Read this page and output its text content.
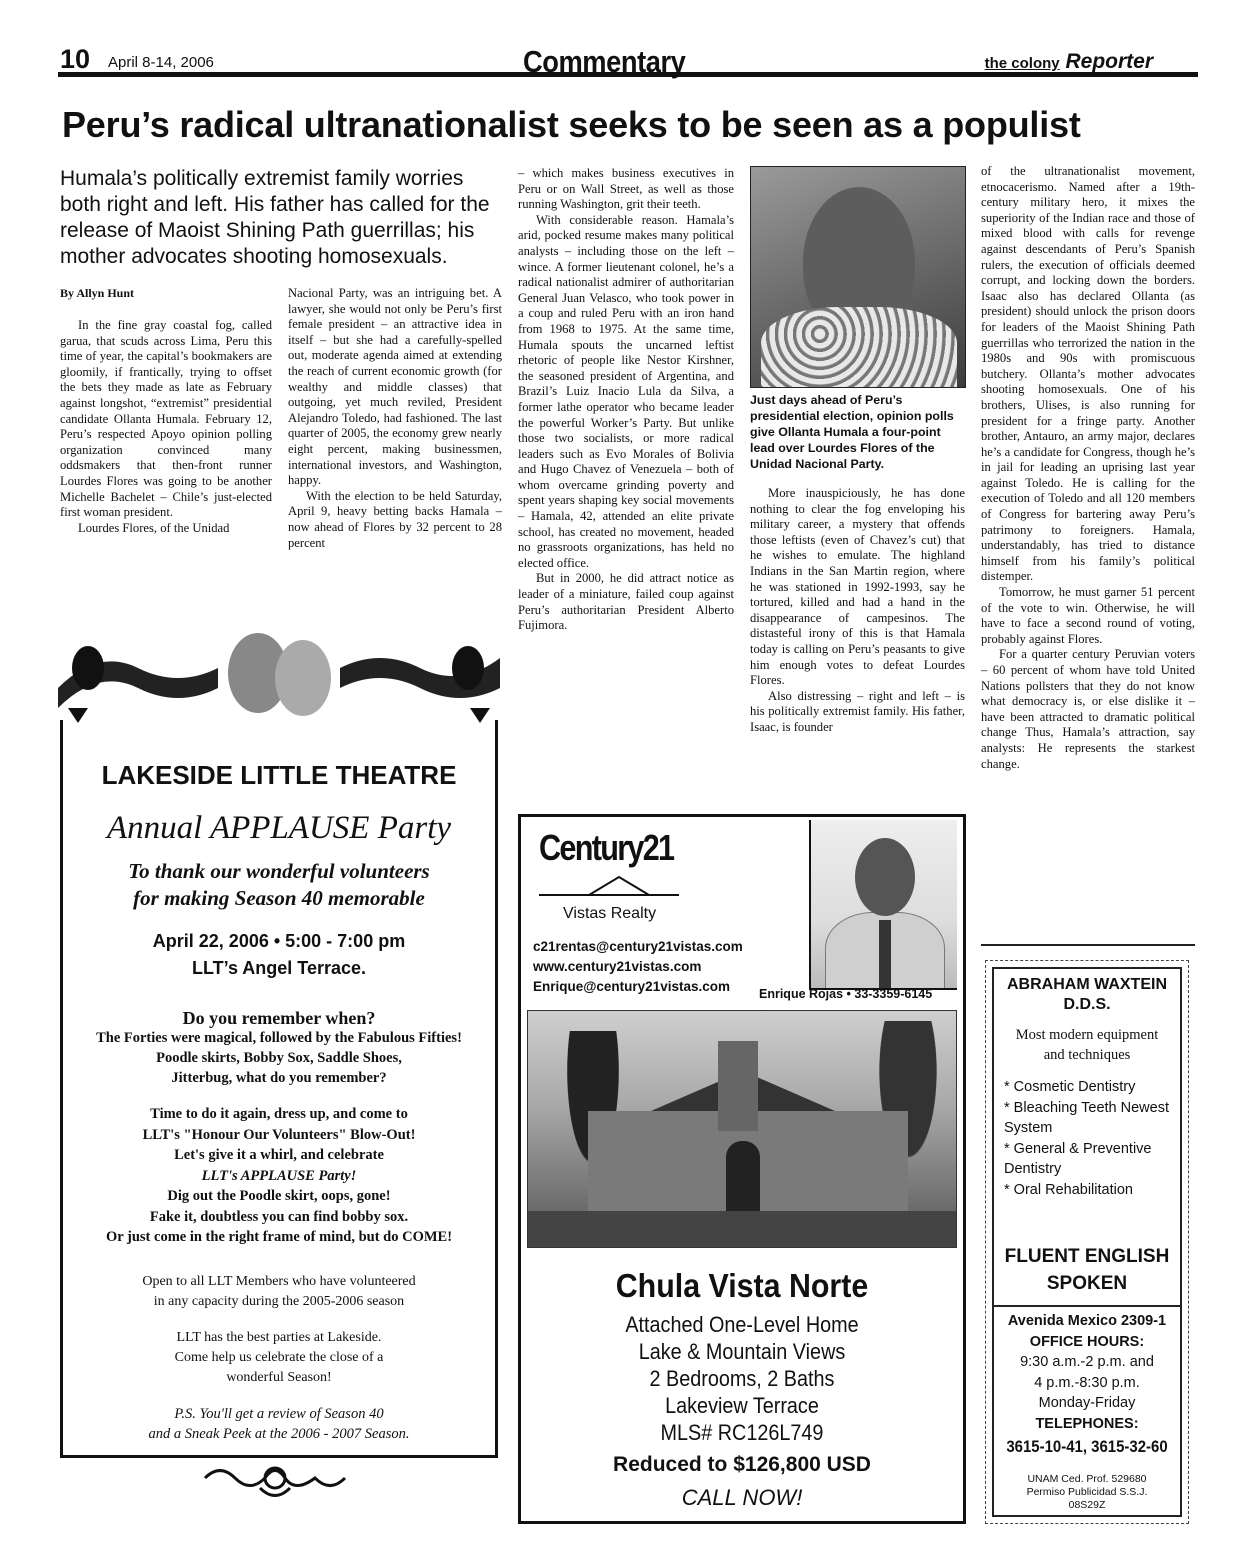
10 April 8-14, 2006	Commentary	the colony Reporter
Peru’s radical ultranationalist seeks to be seen as a populist
Humala’s politically extremist family worries both right and left. His father has called for the release of Maoist Shining Path guerrillas; his mother advocates shooting homosexuals.
By Allyn Hunt

In the fine gray coastal fog, called garua, that scuds across Lima, Peru this time of year, the capital’s bookmakers are gloomily, if frantically, trying to offset the bets they made as late as February against longshot, “extremist” presidential candidate Ollanta Humala. February 12, Peru’s respected Apoyo opinion polling organization convinced many oddsmakers that then-front runner Lourdes Flores was going to be another Michelle Bachelet – Chile’s just-elected first woman president.

Lourdes Flores, of the Unidad

Nacional Party, was an intriguing bet. A lawyer, she would not only be Peru’s first female president – an attractive idea in itself – but she had a carefully-spelled out, moderate agenda aimed at extending the reach of current economic growth (for wealthy and middle classes) that outgoing, yet much reviled, President Alejandro Toledo, had fashioned. The last quarter of 2005, the economy grew nearly eight percent, making businessmen, international investors, and Washington, happy.

With the election to be held Saturday, April 9, heavy betting backs Hamala – now ahead of Flores by 32 percent to 28 percent

– which makes business executives in Peru or on Wall Street, as well as those running Washington, grit their teeth.

With considerable reason. Hamala’s arid, pocked resume makes many political analysts – including those on the left – wince. A former lieutenant colonel, he’s a radical nationalist admirer of authoritarian General Juan Velasco, who took power in a coup and ruled Peru with an iron hand from 1968 to 1975. At the same time, Humala spouts the uncarned leftist rhetoric of people like Nestor Kirshner, the seasoned president of Argentina, and Brazil’s Luiz Inacio Lula da Silva, a former lathe operator who became leader the powerful Worker’s Party. But unlike those two socialists, or more radical leaders such as Evo Morales of Bolivia and Hugo Chavez of Venezuela – both of whom overcame grinding poverty and spent years shaping key social movements – Hamala, 42, attended an elite private school, has created no movement, headed no grassroots organizations, has held no elected office.

But in 2000, he did attract notice as leader of a miniature, failed coup against Peru’s authoritarian President Alberto Fujimora.

Just days ahead of Peru’s presidential election, opinion polls give Ollanta Humala a four-point lead over Lourdes Flores of the Unidad Nacional Party.

More inauspiciously, he has done nothing to clear the fog enveloping his military career, a mystery that offends those leftists (even of Chavez’s cut) that he wishes to emulate. The highland Indians in the San Martin region, where he was stationed in 1992-1993, say he tortured, killed and had a hand in the disappearance of campesinos. The distasteful irony of this is that Hamala today is calling on Peru’s peasants to give him enough votes to defeat Lourdes Flores.

Also distressing – right and left – is his politically extremist family. His father, Isaac, is founder

of the ultranationalist movement, etnocacerismo. Named after a 19th-century military hero, it mixes the superiority of the Indian race and those of mixed blood with calls for revenge against descendants of Peru’s Spanish rulers, the execution of officials deemed corrupt, and locking down the borders. Isaac also has declared Ollanta (as president) should unlock the prison doors for leaders of the Maoist Shining Path guerrillas who terrorized the nation in the 1980s and 90s with promiscuous butchery. Ollanta’s mother advocates shooting homosexuals. One of his brothers, Ulises, is also running for president for a fringe party. Another brother, Antauro, an army major, declares he’s a candidate for Congress, though he’s in jail for leading an uprising last year against Toledo. He is calling for the execution of Toledo and all 120 members of Congress for bartering away Peru’s patrimony to foreigners. Hamala, understandably, has tried to distance himself from his family’s political distemper.

Tomorrow, he must garner 51 percent of the vote to win. Otherwise, he will have to face a second round of voting, probably against Flores.

For a quarter century Peruvian voters – 60 percent of whom have told United Nations pollsters that they do not know what democracy is, or else dislike it – have been attracted to dramatic political change Thus, Hamala’s attraction, say analysts: He represents the starkest change.

LAKESIDE LITTLE THEATRE
Annual APPLAUSE Party
To thank our wonderful volunteers
for making Season 40 memorable
April 22, 2006 • 5:00 - 7:00 pm
LLT’s Angel Terrace.
Do you remember when?
The Forties were magical, followed by the Fabulous Fifties!
Poodle skirts, Bobby Sox, Saddle Shoes,
Jitterbug, what do you remember?
Time to do it again, dress up, and come to
LLT's "Honour Our Volunteers" Blow-Out!
Let's give it a whirl, and celebrate
LLT's APPLAUSE Party!
Dig out the Poodle skirt, oops, gone!
Fake it, doubtless you can find bobby sox.
Or just come in the right frame of mind, but do COME!
Open to all LLT Members who have volunteered
in any capacity during the 2005-2006 season
LLT has the best parties at Lakeside.
Come help us celebrate the close of a
wonderful Season!
P.S. You'll get a review of Season 40
and a Sneak Peek at the 2006 - 2007 Season.
Century21
Vistas Realty
c21rentas@century21vistas.com
www.century21vistas.com
Enrique@century21vistas.com	Enrique Rojas • 33-3359-6145
Chula Vista Norte
Attached One-Level Home
Lake & Mountain Views
2 Bedrooms, 2 Baths
Lakeview Terrace
MLS# RC126L749
Reduced to $126,800 USD
CALL NOW!
ABRAHAM WAXTEIN
D.D.S.
Most modern equipment
and techniques
* Cosmetic Dentistry
* Bleaching Teeth Newest System
* General & Preventive Dentistry
* Oral Rehabilitation
FLUENT ENGLISH
SPOKEN
Avenida Mexico 2309-1
OFFICE HOURS:
9:30 a.m.-2 p.m. and
4 p.m.-8:30 p.m.
Monday-Friday
TELEPHONES:
3615-10-41, 3615-32-60
UNAM Ced. Prof. 529680
Permiso Publicidad S.S.J.
08S29Z
